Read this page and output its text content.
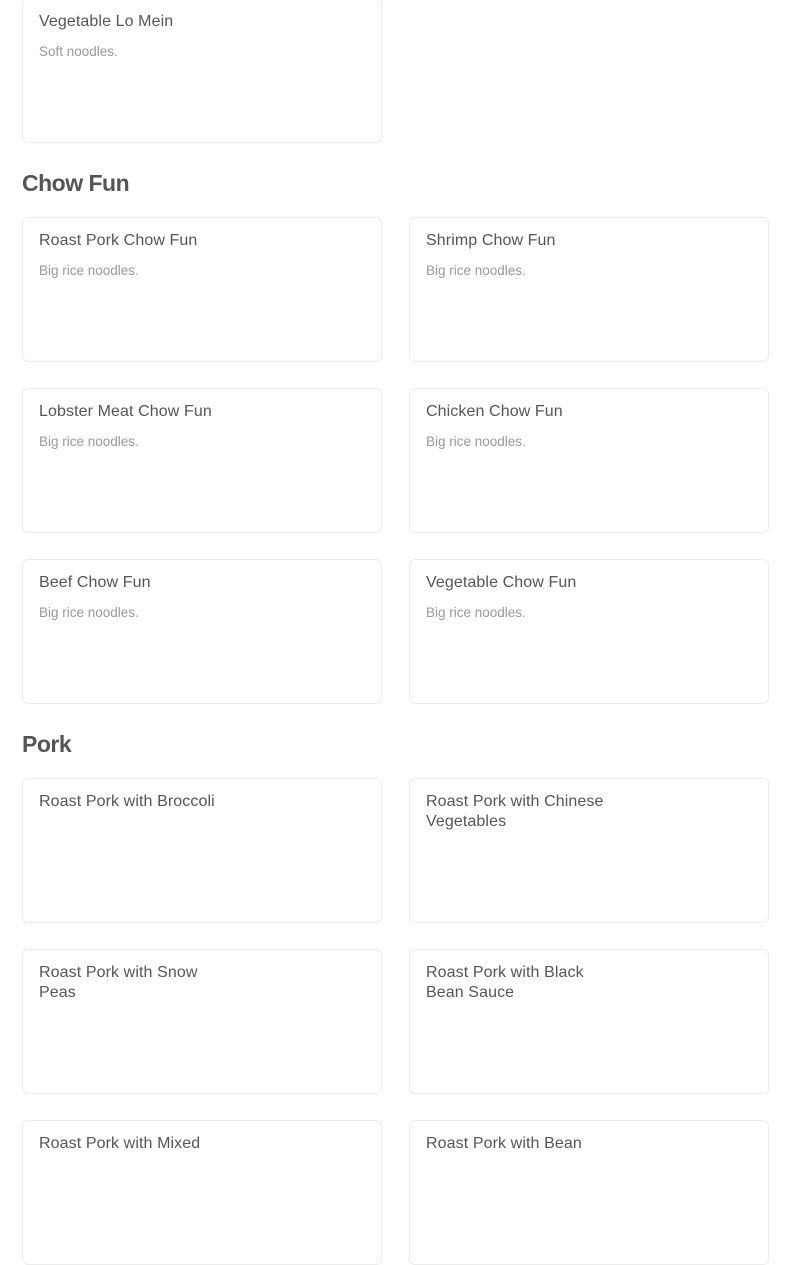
Vegetable Lo Mein
Soft noodles.
Chow Fun
Roast Pork Chow Fun
Big rice noodles.
Shrimp Chow Fun
Big rice noodles.
Lobster Meat Chow Fun
Big rice noodles.
Chicken Chow Fun
Big rice noodles.
Beef Chow Fun
Big rice noodles.
Vegetable Chow Fun
Big rice noodles.
Pork
Roast Pork with Broccoli	Roast Pork with Chinese Vegetables
Roast Pork with Snow Peas
Roast Pork with Black Bean Sauce
Roast Pork with Mixed	Roast Pork with Bean
